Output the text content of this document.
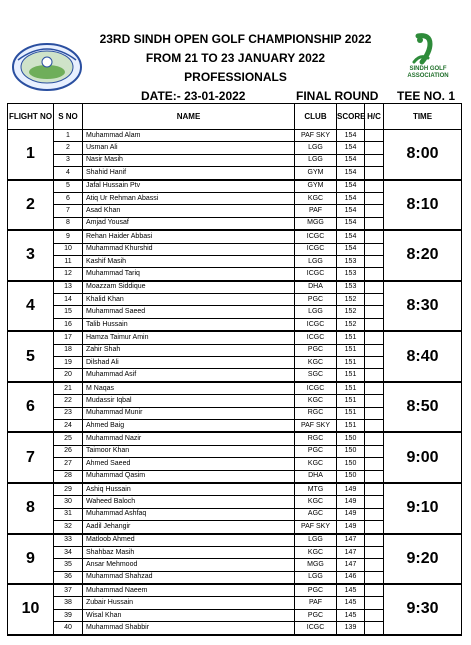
SINDH GOLF
ASSOCIATION
23RD SINDH OPEN GOLF CHAMPIONSHIP 2022
FROM 21 TO 23 JANUARY 2022
PROFESSIONALS
DATE:- 23-01-2022	FINAL ROUND TEE NO. 1
FLIGHT NO	S NO	NAME	CLUB	SCORE	H/C	TIME
1	1	Muhammad Alam	PAF SKY	154		8:00
	2	Usman Ali	LGG	154		
	3	Nasir Masih	LGG	154		
	4	Shahid Hanif	GYM	154		
2	5	Jafal Hussain Ptv	GYM	154		8:10
	6	Atiq Ur Rehman Abassi	KGC	154		
	7	Asad Khan	PAF	154		
	8	Amjad Yousaf	MGG	154		
3	9	Rehan Haider Abbasi	ICGC	154		8:20
	10	Muhammad Khurshid	ICGC	154		
	11	Kashif Masih	LGG	153		
	12	Muhammad Tariq	ICGC	153		
4	13	Moazzam Siddique	DHA	153		8:30
	14	Khalid Khan	PGC	152		
	15	Muhammad Saeed	LGG	152		
	16	Talib Hussain	ICGC	152		
5	17	Hamza Taimur Amin	ICGC	151		8:40
	18	Zahir Shah	PGC	151		
	19	Dilshad Ali	KGC	151		
	20	Muhammad Asif	SGC	151		
6	21	M Naqas	ICGC	151		8:50
	22	Mudassir Iqbal	KGC	151		
	23	Muhammad Munir	RGC	151		
	24	Ahmed Baig	PAF SKY	151		
7	25	Muhammad Nazir	RGC	150		9:00
	26	Taimoor Khan	PGC	150		
	27	Ahmed Saeed	KGC	150		
	28	Muhammad Qasim	DHA	150		
8	29	Ashiq Hussain	MTG	149		9:10
	30	Waheed Baloch	KGC	149		
	31	Muhammad Ashfaq	AGC	149		
	32	Aadil Jehangir	PAF SKY	149		
9	33	Matloob Ahmed	LGG	147		9:20
	34	Shahbaz Masih	KGC	147		
	35	Ansar Mehmood	MGG	147		
	36	Muhammad Shahzad	LGG	146		
10	37	Muhammad Naeem	PGC	145		9:30
	38	Zubair Hussain	PAF	145		
	39	Wisal Khan	PGC	145		
	40	Muhammad Shabbir	ICGC	139		
